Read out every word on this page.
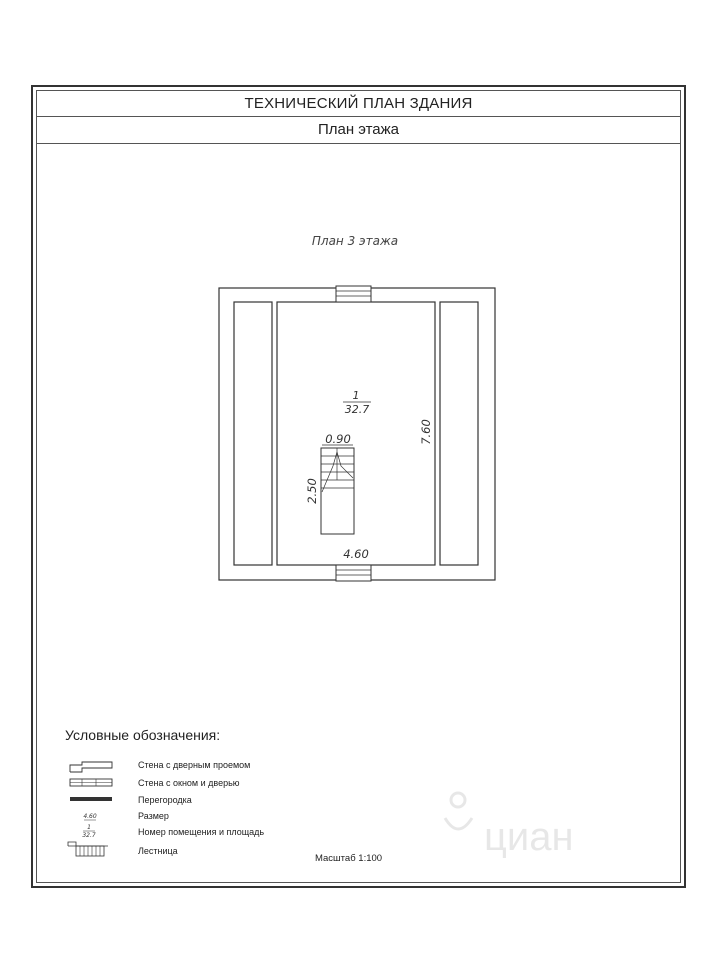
ТЕХНИЧЕСКИЙ ПЛАН ЗДАНИЯ
План этажа
План 3 этажа
1
32.7
0.90
2.50
7.60
4.60
4.60
1
32.7	циан
Условные обозначения:
Стена с дверным проемом
Стена с окном и дверью
Перегородка
Размер
Номер помещения и площадь
Лестница
Масштаб 1:100
